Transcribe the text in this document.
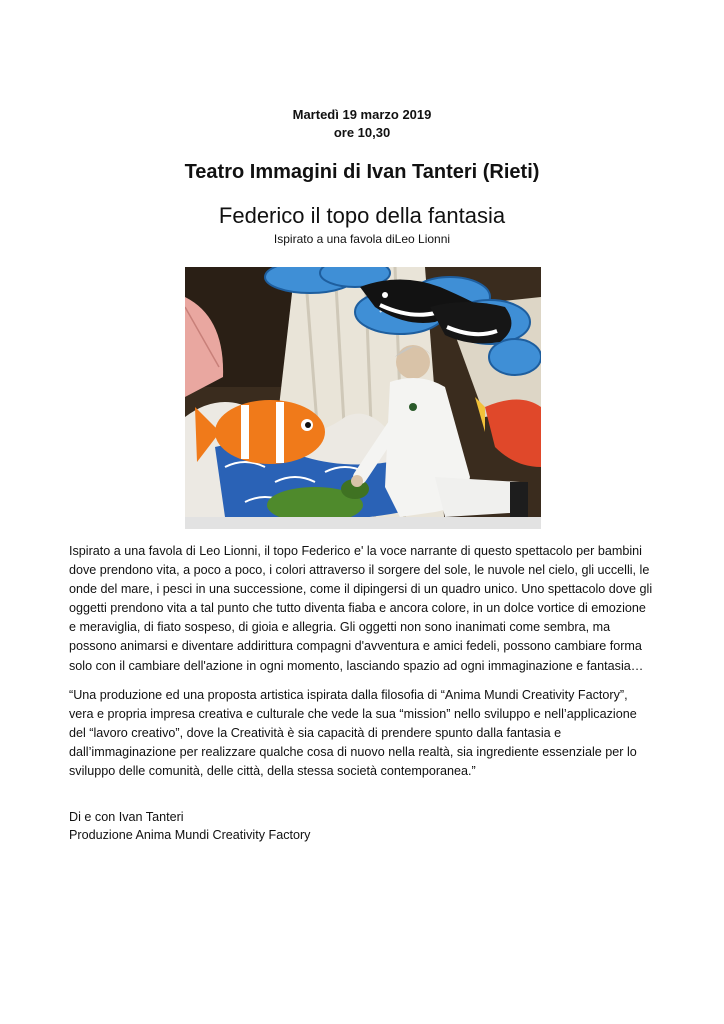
Martedì 19 marzo 2019
ore 10,30
Teatro Immagini di Ivan Tanteri (Rieti)
Federico il topo della fantasia
Ispirato a una favola diLeo Lionni

Ispirato a una favola di Leo Lionni, il topo Federico e' la voce narrante di questo spettacolo per bambini dove prendono vita, a poco a poco, i colori attraverso il sorgere del sole, le nuvole nel cielo, gli uccelli, le onde del mare, i pesci in una successione, come il dipingersi di un quadro unico. Uno spettacolo dove gli oggetti prendono vita a tal punto che tutto diventa fiaba e ancora colore, in un dolce vortice di emozione e meraviglia, di fiato sospeso, di gioia e allegria. Gli oggetti non sono inanimati come sembra, ma possono animarsi e diventare addirittura compagni d'avventura e amici fedeli, possono cambiare forma solo con il cambiare dell'azione in ogni momento, lasciando spazio ad ogni immaginazione e fantasia…

“Una produzione ed una proposta artistica ispirata dalla filosofia di “Anima Mundi Creativity Factory”, vera e propria impresa creativa e culturale che vede la sua “mission” nello sviluppo e nell’applicazione del “lavoro creativo”, dove la Creatività è sia capacità di prendere spunto dalla fantasia e dall’immaginazione per realizzare qualche cosa di nuovo nella realtà, sia ingrediente essenziale per lo sviluppo delle comunità, delle città, della stessa società contemporanea.”

Di e con Ivan Tanteri
Produzione Anima Mundi Creativity Factory
